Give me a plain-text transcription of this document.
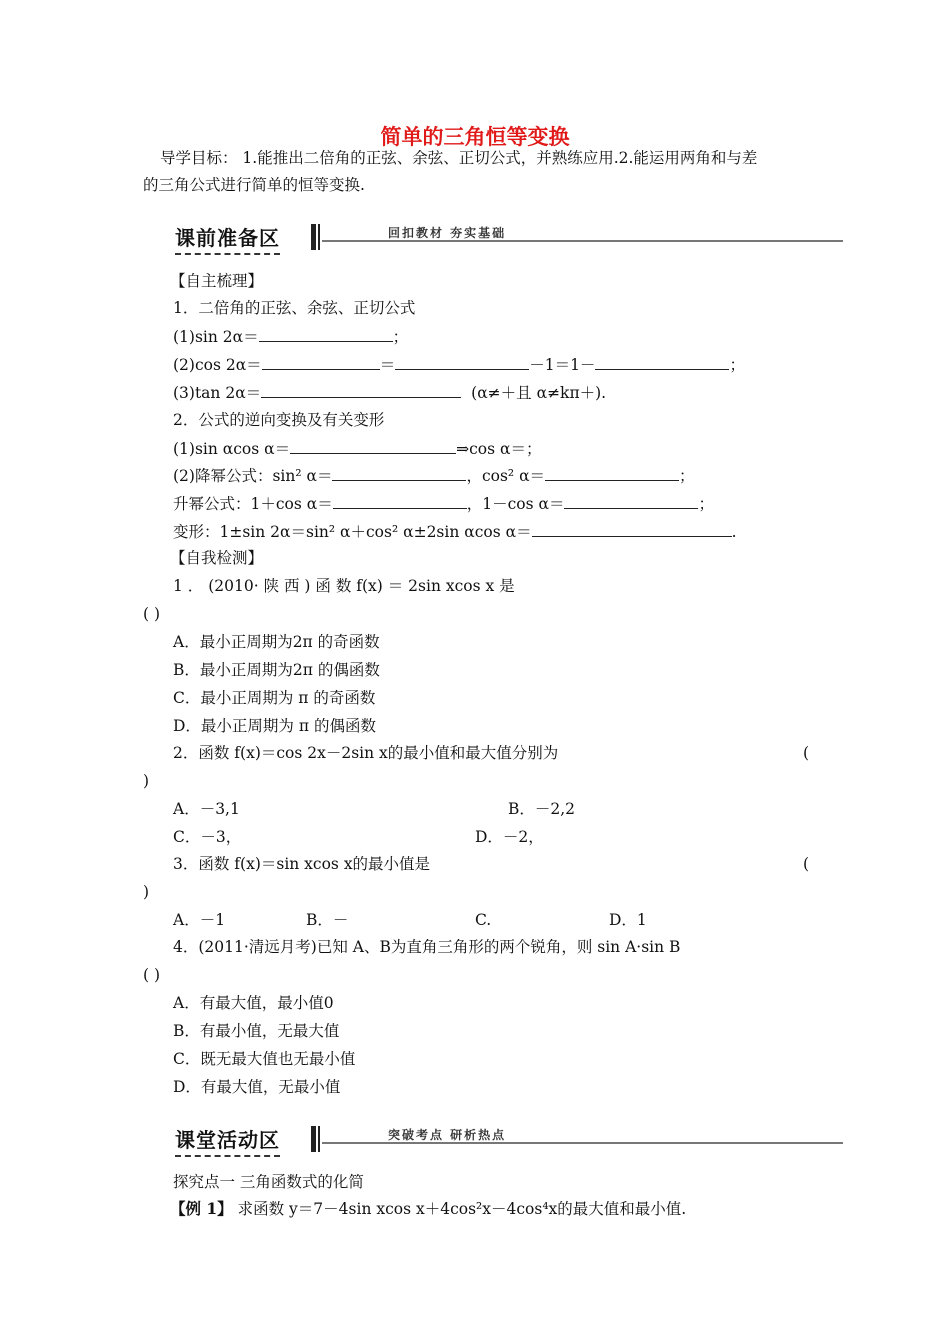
简单的三角恒等变换
导学目标： 1.能推出二倍角的正弦、余弦、正切公式，并熟练应用.2.能运用两角和与差
的三角公式进行简单的恒等变换.
课前准备区	回扣教材 夯实基础
【自主梳理】
1．二倍角的正弦、余弦、正切公式
(1)sin 2α＝	；
(2)cos 2α＝	＝	－1＝1－	；
(3)tan 2α＝	(α≠＋且 α≠kπ＋).
2．公式的逆向变换及有关变形
(1)sin αcos α＝	⇒cos α＝；
(2)降幂公式：sin² α＝	，cos² α＝	；
升幂公式：1＋cos α＝	，1－cos α＝	；
变形：1±sin 2α＝sin² α＋cos² α±2sin αcos α＝	.
【自我检测】
1 ． (2010· 陕 西 ) 函 数 f(x) ＝ 2sin xcos x 是
( )
A．最小正周期为2π 的奇函数
B．最小正周期为2π 的偶函数
C．最小正周期为 π 的奇函数
D．最小正周期为 π 的偶函数
2．函数 f(x)＝cos 2x－2sin x的最小值和最大值分别为	(
)
A．－3,1	B．－2,2
C．－3，	D．－2，
3．函数 f(x)＝sin xcos x的最小值是	(
)
A．－1	B．－	C.	D．1
4．(2011·清远月考)已知 A、B为直角三角形的两个锐角，则 sin A·sin B
( )
A．有最大值，最小值0
B．有最小值，无最大值
C．既无最大值也无最小值
D．有最大值，无最小值
课堂活动区	突破考点 研析热点
探究点一 三角函数式的化简
【例 1】 求函数 y＝7－4sin xcos x＋4cos²x－4cos⁴x的最大值和最小值.
